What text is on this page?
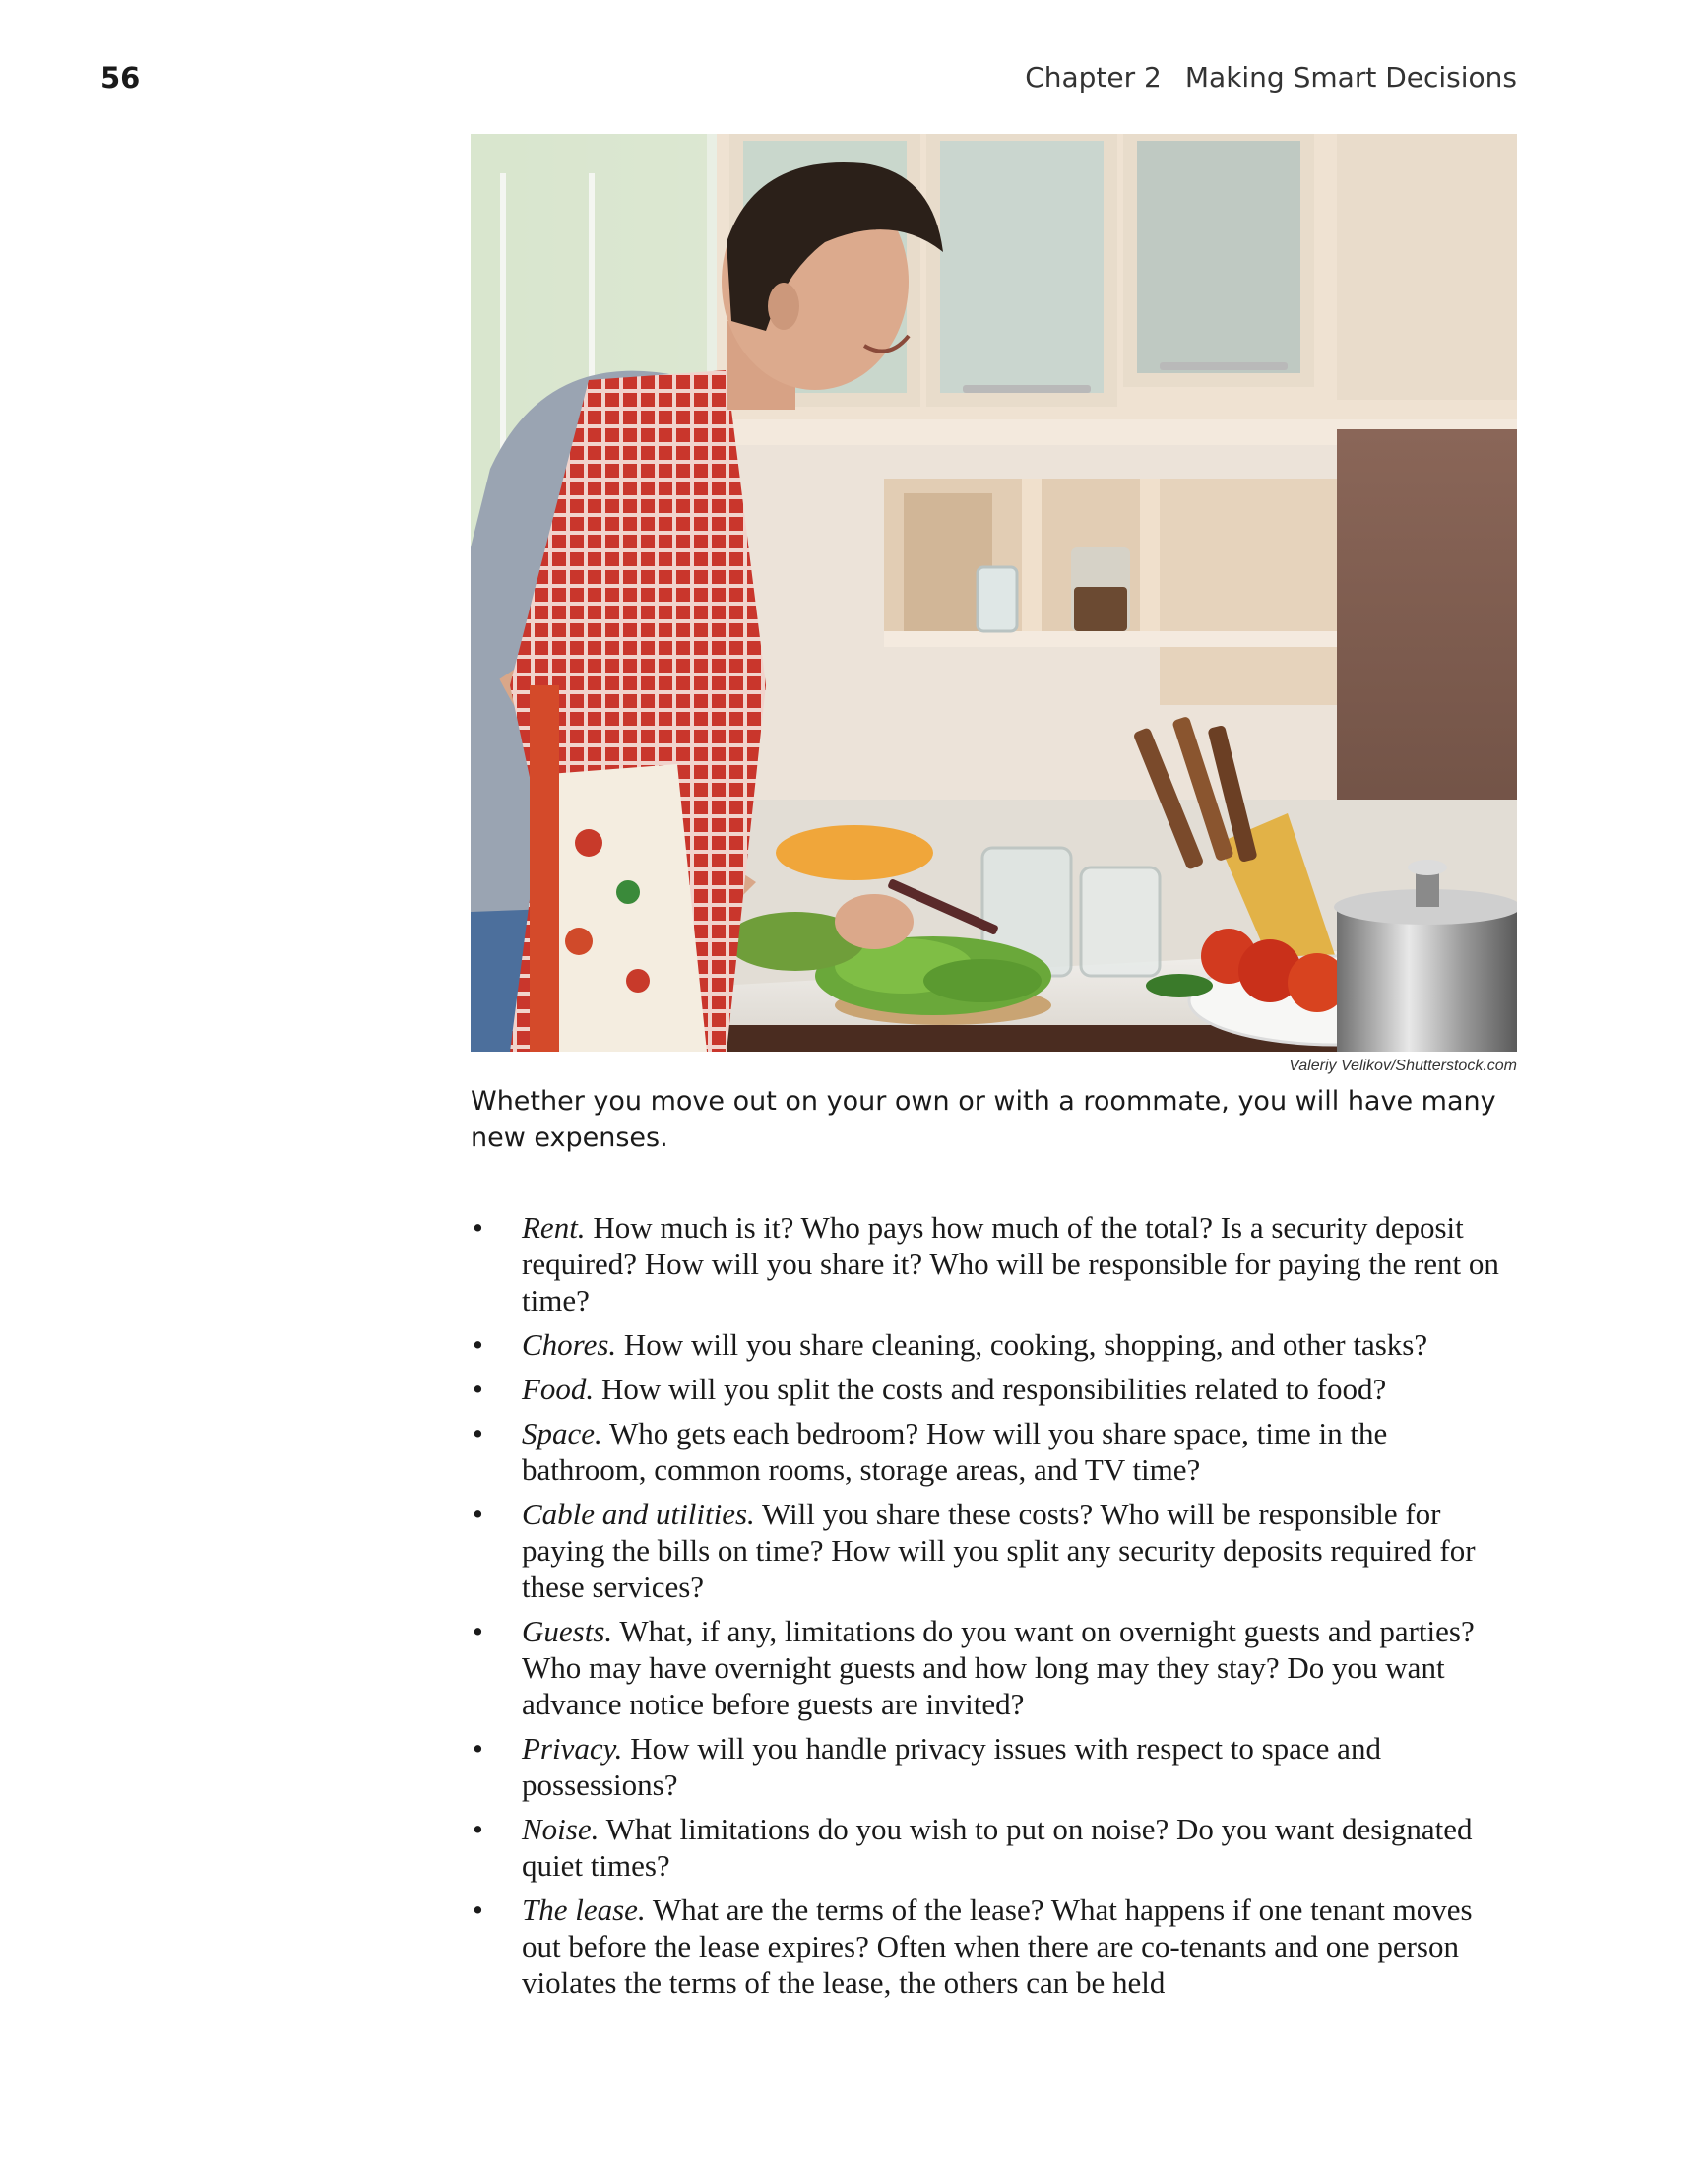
56	Chapter 2 Making Smart Decisions
Valeriy Velikov/Shutterstock.com
Whether you move out on your own or with a roommate, you will have many new expenses.
• Rent. How much is it? Who pays how much of the total? Is a security deposit required? How will you share it? Who will be responsible for paying the rent on time?
• Chores. How will you share cleaning, cooking, shopping, and other tasks?
• Food. How will you split the costs and responsibilities related to food?
• Space. Who gets each bedroom? How will you share space, time in the bathroom, common rooms, storage areas, and TV time?
• Cable and utilities. Will you share these costs? Who will be responsible for paying the bills on time? How will you split any security deposits required for these services?
• Guests. What, if any, limitations do you want on overnight guests and parties? Who may have overnight guests and how long may they stay? Do you want advance notice before guests are invited?
• Privacy. How will you handle privacy issues with respect to space and possessions?
• Noise. What limitations do you wish to put on noise? Do you want designated quiet times?
• The lease. What are the terms of the lease? What happens if one tenant moves out before the lease expires? Often when there are co-tenants and one person violates the terms of the lease, the others can be held
